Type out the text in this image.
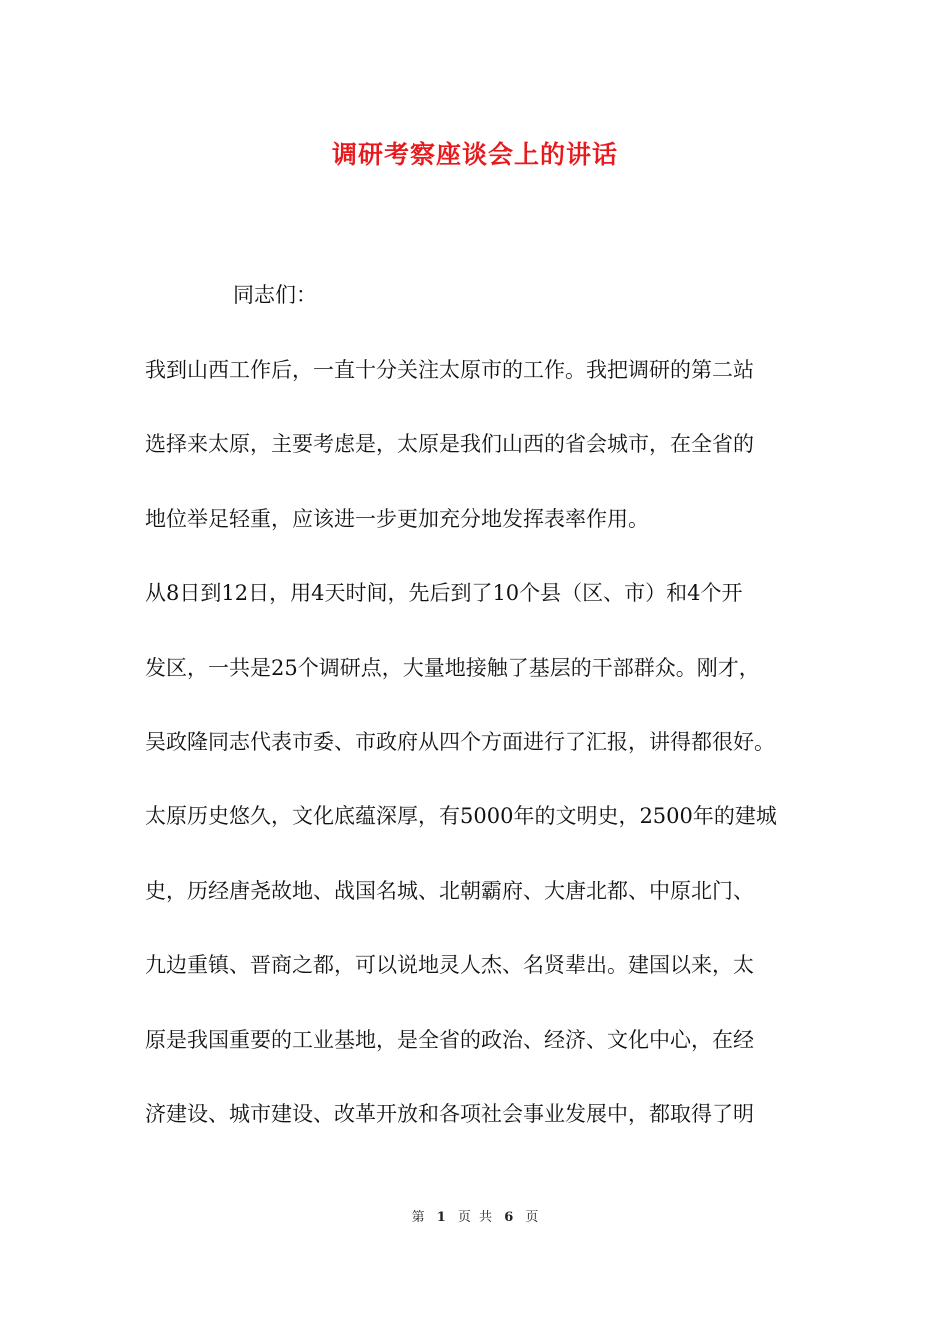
调研考察座谈会上的讲话
同志们：
我到山西工作后，一直十分关注太原市的工作。我把调研的第二站
选择来太原，主要考虑是，太原是我们山西的省会城市，在全省的
地位举足轻重，应该进一步更加充分地发挥表率作用。
从8日到12日，用4天时间，先后到了10个县（区、市）和4个开
发区，一共是25个调研点，大量地接触了基层的干部群众。刚才，
吴政隆同志代表市委、市政府从四个方面进行了汇报，讲得都很好。
太原历史悠久，文化底蕴深厚，有5000年的文明史，2500年的建城
史，历经唐尧故地、战国名城、北朝霸府、大唐北都、中原北门、
九边重镇、晋商之都，可以说地灵人杰、名贤辈出。建国以来，太
原是我国重要的工业基地，是全省的政治、经济、文化中心，在经
济建设、城市建设、改革开放和各项社会事业发展中，都取得了明
第 1 页 共 6 页
